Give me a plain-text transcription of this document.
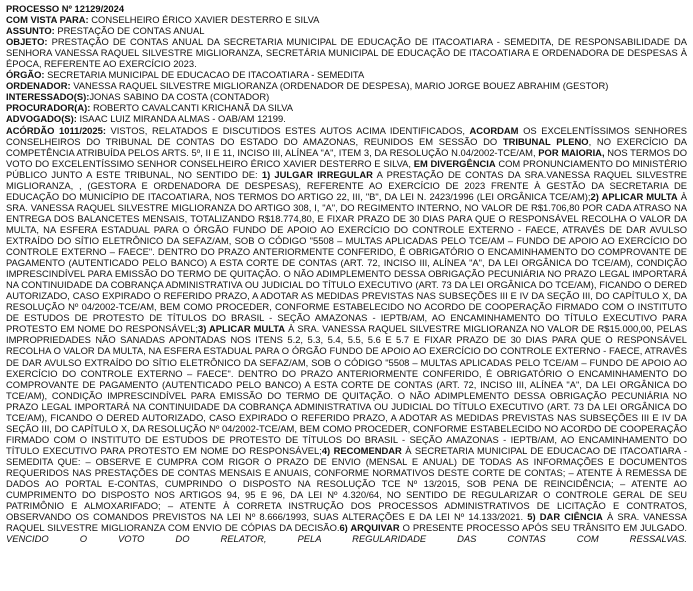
PROCESSO Nº 12129/2024

COM VISTA PARA: CONSELHEIRO ÉRICO XAVIER DESTERRO E SILVA

ASSUNTO: PRESTAÇÃO DE CONTAS ANUAL

OBJETO: PRESTAÇÃO DE CONTAS ANUAL DA SECRETARIA MUNICIPAL DE EDUCAÇÃO DE ITACOATIARA - SEMEDITA, DE RESPONSABILIDADE DA SENHORA VANESSA RAQUEL SILVESTRE MIGLIORANZA, SECRETÁRIA MUNICIPAL DE EDUCAÇÃO DE ITACOATIARA E ORDENADORA DE DESPESAS À ÉPOCA, REFERENTE AO EXERCÍCIO 2023.

ÓRGÃO: SECRETARIA MUNICIPAL DE EDUCACAO DE ITACOATIARA - SEMEDITA

ORDENADOR: VANESSA RAQUEL SILVESTRE MIGLIORANZA (ORDENADOR DE DESPESA), MARIO JORGE BOUEZ ABRAHIM (GESTOR)

INTERESSADO(S):JONAS SABINO DA COSTA (CONTADOR)

PROCURADOR(A): ROBERTO CAVALCANTI KRICHANÃ DA SILVA

ADVOGADO(S): ISAAC LUIZ MIRANDA ALMAS - OAB/AM 12199.

ACÓRDÃO 1011/2025: VISTOS, RELATADOS E DISCUTIDOS ESTES AUTOS ACIMA IDENTIFICADOS, ACORDAM OS EXCELENTÍSSIMOS SENHORES CONSELHEIROS DO TRIBUNAL DE CONTAS DO ESTADO DO AMAZONAS, REUNIDOS EM SESSÃO DO TRIBUNAL PLENO, NO EXERCÍCIO DA COMPETÊNCIA ATRIBUÍDA PELOS ARTS. 5º, II E 11, INCISO III, ALÍNEA "A", ITEM 3, DA RESOLUÇÃO N.04/2002-TCE/AM, POR MAIORIA, NOS TERMOS DO VOTO DO EXCELENTÍSSIMO SENHOR CONSELHEIRO ÉRICO XAVIER DESTERRO E SILVA, EM DIVERGÊNCIA COM PRONUNCIAMENTO DO MINISTÉRIO PÚBLICO JUNTO A ESTE TRIBUNAL, NO SENTIDO DE: 1) JULGAR IRREGULAR A PRESTAÇÃO DE CONTAS DA SRA.VANESSA RAQUEL SILVESTRE MIGLIORANZA, , (GESTORA E ORDENADORA DE DESPESAS), REFERENTE AO EXERCÍCIO DE 2023 FRENTE À GESTÃO DA SECRETARIA DE EDUCAÇÃO DO MUNICÍPIO DE ITACOATIARA, NOS TERMOS DO ARTIGO 22, III, "B", DA LEI N. 2423/1996 (LEI ORGÂNICA TCE/AM);2) APLICAR MULTA À SRA. VANESSA RAQUEL SILVESTRE MIGLIORANZA DO ARTIGO 308, I, "A", DO REGIMENTO INTERNO, NO VALOR DE R$1.706,80 POR CADA ATRASO NA ENTREGA DOS BALANCETES MENSAIS, TOTALIZANDO R$18.774,80, E FIXAR PRAZO DE 30 DIAS PARA QUE O RESPONSÁVEL RECOLHA O VALOR DA MULTA, NA ESFERA ESTADUAL PARA O ÓRGÃO FUNDO DE APOIO AO EXERCÍCIO DO CONTROLE EXTERNO - FAECE, ATRAVÉS DE DAR AVULSO EXTRAÍDO DO SÍTIO ELETRÔNICO DA SEFAZ/AM, SOB O CÓDIGO "5508 – MULTAS APLICADAS PELO TCE/AM – FUNDO DE APOIO AO EXERCÍCIO DO CONTROLE EXTERNO – FAECE". DENTRO DO PRAZO ANTERIORMENTE CONFERIDO, É OBRIGATÓRIO O ENCAMINHAMENTO DO COMPROVANTE DE PAGAMENTO (AUTENTICADO PELO BANCO) A ESTA CORTE DE CONTAS (ART. 72, INCISO III, ALÍNEA "A", DA LEI ORGÂNICA DO TCE/AM), CONDIÇÃO IMPRESCINDÍVEL PARA EMISSÃO DO TERMO DE QUITAÇÃO. O NÃO ADIMPLEMENTO DESSA OBRIGAÇÃO PECUNIÁRIA NO PRAZO LEGAL IMPORTARÁ NA CONTINUIDADE DA COBRANÇA ADMINISTRATIVA OU JUDICIAL DO TÍTULO EXECUTIVO (ART. 73 DA LEI ORGÂNICA DO TCE/AM), FICANDO O DERED AUTORIZADO, CASO EXPIRADO O REFERIDO PRAZO, A ADOTAR AS MEDIDAS PREVISTAS NAS SUBSEÇÕES III E IV DA SEÇÃO III, DO CAPÍTULO X, DA RESOLUÇÃO Nº 04/2002-TCE/AM, BEM COMO PROCEDER, CONFORME ESTABELECIDO NO ACORDO DE COOPERAÇÃO FIRMADO COM O INSTITUTO DE ESTUDOS DE PROTESTO DE TÍTULOS DO BRASIL - SEÇÃO AMAZONAS - IEPTB/AM, AO ENCAMINHAMENTO DO TÍTULO EXECUTIVO PARA PROTESTO EM NOME DO RESPONSÁVEL;3) APLICAR MULTA À SRA. VANESSA RAQUEL SILVESTRE MIGLIORANZA NO VALOR DE R$15.000,00, PELAS IMPROPRIEDADES NÃO SANADAS APONTADAS NOS ITENS 5.2, 5.3, 5.4, 5.5, 5.6 E 5.7 E FIXAR PRAZO DE 30 DIAS PARA QUE O RESPONSÁVEL RECOLHA O VALOR DA MULTA, NA ESFERA ESTADUAL PARA O ÓRGÃO FUNDO DE APOIO AO EXERCÍCIO DO CONTROLE EXTERNO - FAECE, ATRAVÉS DE DAR AVULSO EXTRAÍDO DO SÍTIO ELETRÔNICO DA SEFAZ/AM, SOB O CÓDIGO "5508 – MULTAS APLICADAS PELO TCE/AM – FUNDO DE APOIO AO EXERCÍCIO DO CONTROLE EXTERNO – FAECE". DENTRO DO PRAZO ANTERIORMENTE CONFERIDO, É OBRIGATÓRIO O ENCAMINHAMENTO DO COMPROVANTE DE PAGAMENTO (AUTENTICADO PELO BANCO) A ESTA CORTE DE CONTAS (ART. 72, INCISO III, ALÍNEA "A", DA LEI ORGÂNICA DO TCE/AM), CONDIÇÃO IMPRESCINDÍVEL PARA EMISSÃO DO TERMO DE QUITAÇÃO. O NÃO ADIMPLEMENTO DESSA OBRIGAÇÃO PECUNIÁRIA NO PRAZO LEGAL IMPORTARÁ NA CONTINUIDADE DA COBRANÇA ADMINISTRATIVA OU JUDICIAL DO TÍTULO EXECUTIVO (ART. 73 DA LEI ORGÂNICA DO TCE/AM), FICANDO O DERED AUTORIZADO, CASO EXPIRADO O REFERIDO PRAZO, A ADOTAR AS MEDIDAS PREVISTAS NAS SUBSEÇÕES III E IV DA SEÇÃO III, DO CAPÍTULO X, DA RESOLUÇÃO Nº 04/2002-TCE/AM, BEM COMO PROCEDER, CONFORME ESTABELECIDO NO ACORDO DE COOPERAÇÃO FIRMADO COM O INSTITUTO DE ESTUDOS DE PROTESTO DE TÍTULOS DO BRASIL - SEÇÃO AMAZONAS - IEPTB/AM, AO ENCAMINHAMENTO DO TÍTULO EXECUTIVO PARA PROTESTO EM NOME DO RESPONSÁVEL;4) RECOMENDAR À SECRETARIA MUNICIPAL DE EDUCACAO DE ITACOATIARA - SEMEDITA QUE: – OBSERVE E CUMPRA COM RIGOR O PRAZO DE ENVIO (MENSAL E ANUAL) DE TODAS AS INFORMAÇÕES E DOCUMENTOS REQUERIDOS NAS PRESTAÇÕES DE CONTAS MENSAIS E ANUAIS, CONFORME NORMATIVOS DESTE CORTE DE CONTAS; – ATENTE À REMESSA DE DADOS AO PORTAL E-CONTAS, CUMPRINDO O DISPOSTO NA RESOLUÇÃO TCE Nº 13/2015, SOB PENA DE REINCIDÊNCIA; – ATENTE AO CUMPRIMENTO DO DISPOSTO NOS ARTIGOS 94, 95 E 96, DA LEI Nº 4.320/64, NO SENTIDO DE REGULARIZAR O CONTROLE GERAL DE SEU PATRIMÔNIO E ALMOXARIFADO; – ATENTE À CORRETA INSTRUÇÃO DOS PROCESSOS ADMINISTRATIVOS DE LICITAÇÃO E CONTRATOS, OBSERVANDO OS COMANDOS PREVISTOS NA LEI Nº 8.666/1993, SUAS ALTERAÇÕES E DA LEI Nº 14.133/2021. 5) DAR CIÊNCIA À SRA. VANESSA RAQUEL SILVESTRE MIGLIORANZA COM ENVIO DE CÓPIAS DA DECISÃO.6) ARQUIVAR O PRESENTE PROCESSO APÓS SEU TRÂNSITO EM JULGADO. VENCIDO O VOTO DO RELATOR, PELA REGULARIDADE DAS CONTAS COM RESSALVAS.
